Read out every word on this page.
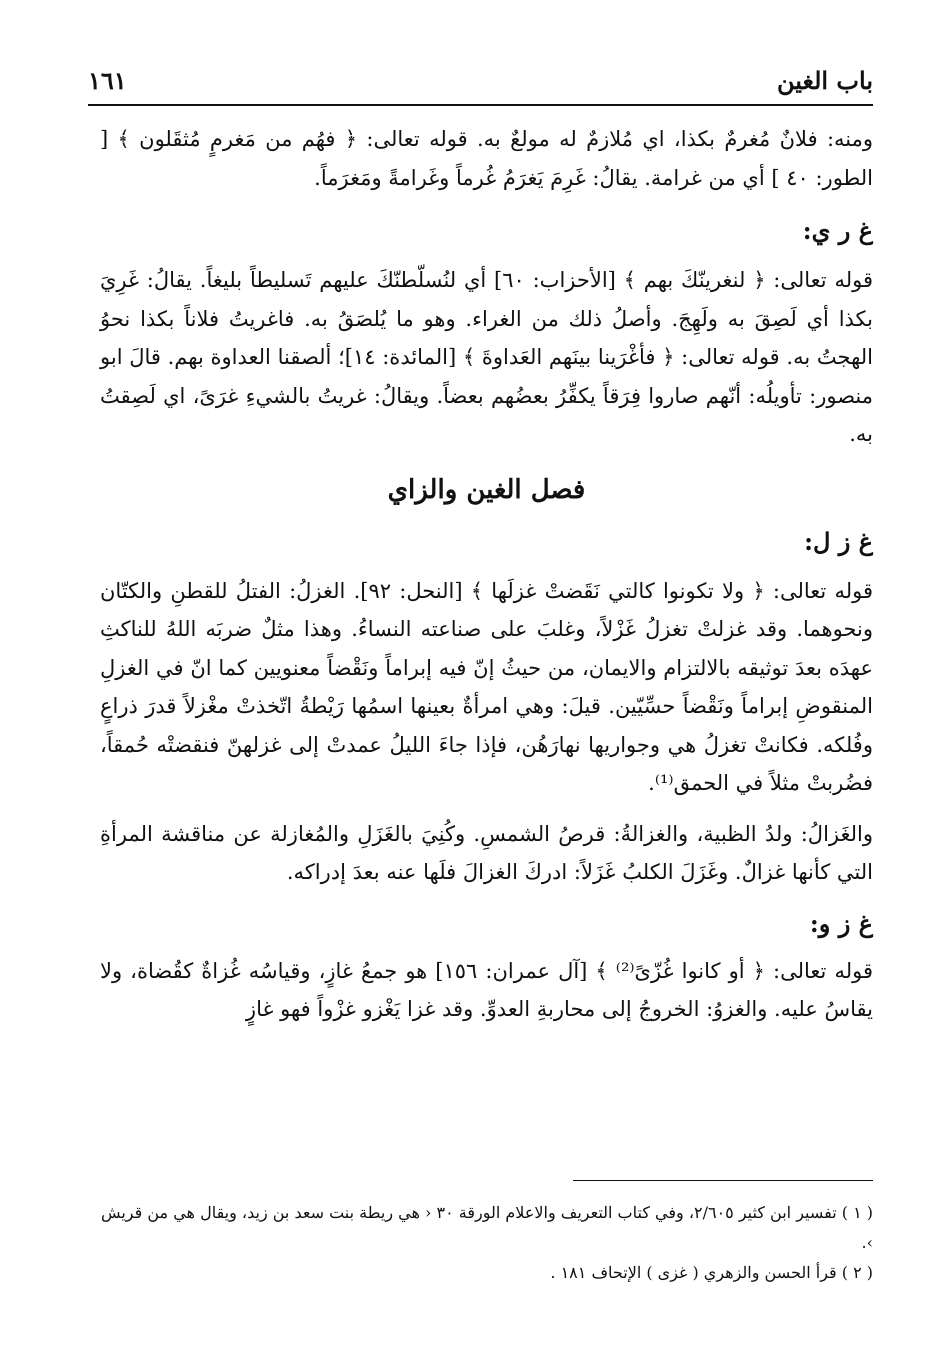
باب الغين
١٦١

ومنه: فلانٌ مُغرمٌ بكذا، اي مُلازمٌ له مولعٌ به. قوله تعالى: ﴿ فهُم من مَغرمٍ مُثقَلون ﴾ [ الطور: ٤٠ ] أي من غرامة. يقالُ: غَرِمَ يَغرَمُ غُرماً وغَرامةً ومَغرَماً.

غ ر ي:

قوله تعالى: ﴿ لنغرينّكَ بهم ﴾ [الأحزاب: ٦٠] أي لنُسلّطنّكَ عليهم تَسليطاً بليغاً. يقالُ: غَرِيَ بكذا أي لَصِقَ به ولَهِجَ. وأصلُ ذلك من الغراء. وهو ما يُلصَقُ به. فاغريتُ فلاناً بكذا نحوُ الهجتُ به. قوله تعالى: ﴿ فأغْرَينا بينَهم العَداوةَ ﴾ [المائدة: ١٤]؛ ألصقنا العداوة بهم. قالَ ابو منصور: تأويلُه: أنّهم صاروا فِرَقاً يكفِّرُ بعضُهم بعضاً. ويقالُ: غريتُ بالشيءِ غرَىً، اي لَصِقتُ به.

فصل الغين والزاي

غ ز ل:

قوله تعالى: ﴿ ولا تكونوا كالتي نَقَضتْ غزلَها ﴾ [النحل: ٩٢]. الغزلُ: الفتلُ للقطنِ والكتّان ونحوهما. وقد غزلتْ تغزلُ غَزْلاً، وغلبَ على صناعته النساءُ. وهذا مثلٌ ضربَه اللهُ للناكثِ عهدَه بعدَ توثيقه بالالتزام والايمان، من حيثُ إنّ فيه إبراماً ونَقْضاً معنويين كما انّ في الغزلِ المنقوضِ إبراماً ونَقْضاً حسِّيّين. قيلَ: وهي امرأةٌ بعينها اسمُها رَيْطةُ اتّخذتْ مغْزلاً قدرَ ذراعٍ وفُلكه. فكانتْ تغزلُ هي وجواريها نهارَهُن، فإذا جاءَ الليلُ عمدتْ إلى غزلهنّ فنقضتْه حُمقاً، فضُربتْ مثلاً في الحمق⁽¹⁾.

والغَزالُ: ولدُ الظبية، والغزالةُ: قرصُ الشمسِ. وكُنِيَ بالغَزَلِ والمُغازلة عن مناقشة المرأةِ التي كأنها غزالٌ. وغَزَلَ الكلبُ غَزَلاً: ادركَ الغزالَ فلَها عنه بعدَ إدراكه.

غ ز و:

قوله تعالى: ﴿ أو كانوا غُزّىً⁽²⁾ ﴾ [آل عمران: ١٥٦] هو جمعُ غازٍ، وقياسُه غُزاةٌ كقُضاة، ولا يقاسُ عليه. والغزوُ: الخروجُ إلى محاربةِ العدوِّ. وقد غزا يَغْزو غزْواً فهو غازٍ

( ١ ) تفسير ابن كثير ٢/٦٠٥، وفي كتاب التعريف والاعلام الورقة ٣٠ ‹ هي ريطة بنت سعد بن زيد، ويقال هي من قريش ›.

( ٢ ) قرأ الحسن والزهري ( غزى ) الإتحاف ١٨١ .
